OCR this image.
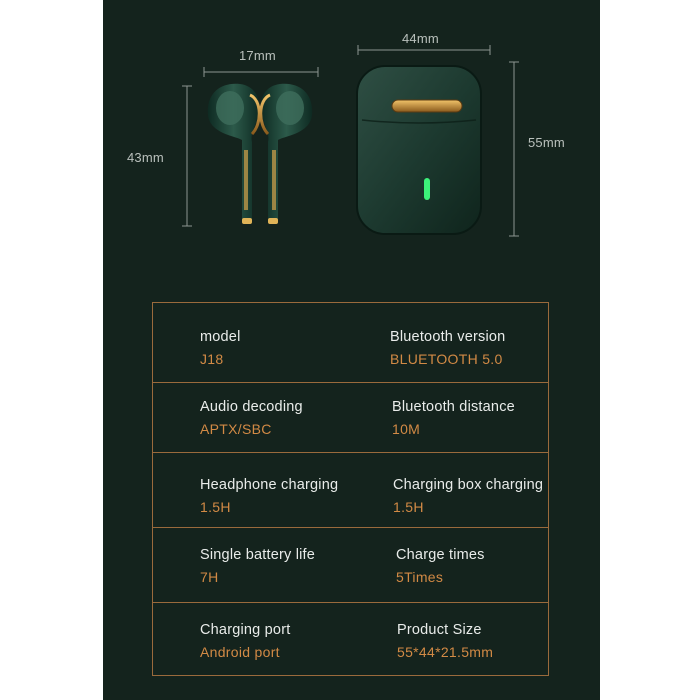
17mm
43mm
44mm
55mm
model
J18
Bluetooth version
BLUETOOTH 5.0
Audio decoding
APTX/SBC
Bluetooth distance
10M
Headphone charging
1.5H
Charging box charging
1.5H
Single battery life
7H
Charge times
5Times
Charging port
Android port
Product Size
55*44*21.5mm
